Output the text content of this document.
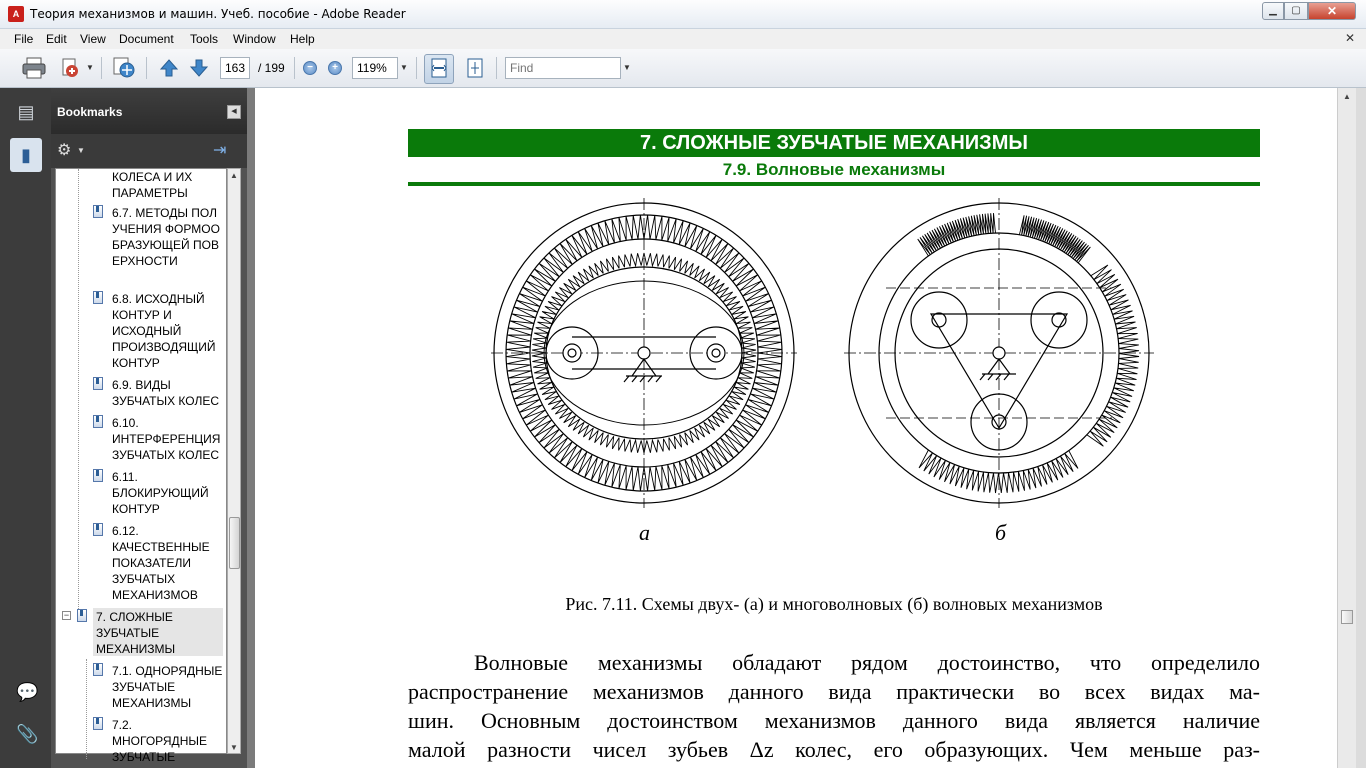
A Теория механизмов и машин. Учеб. пособие - Adobe Reader	▁	▢	✕
File Edit View Document Tools Window Help	✕
▼
163	/ 199	−	+
119%	▼
Find	▼
▤
▮
💬
📎
Bookmarks	◀
⚙ ▼	⇥
КОЛЕСА И ИХ ПАРАМЕТРЫ
6.7. МЕТОДЫ ПОЛУЧЕНИЯ ФОРМООБРАЗУЮЩЕЙ ПОВЕРХНОСТИ
6.8. ИСХОДНЫЙ КОНТУР И ИСХОДНЫЙ ПРОИЗВОДЯЩИЙ КОНТУР
6.9. ВИДЫ ЗУБЧАТЫХ КОЛЕС
6.10. ИНТЕРФЕРЕНЦИЯ ЗУБЧАТЫХ КОЛЕС
6.11. БЛОКИРУЮЩИЙ КОНТУР
6.12. КАЧЕСТВЕННЫЕ ПОКАЗАТЕЛИ ЗУБЧАТЫХ МЕХАНИЗМОВ
− 7. СЛОЖНЫЕ ЗУБЧАТЫЕ МЕХАНИЗМЫ
7.1. ОДНОРЯДНЫЕ ЗУБЧАТЫЕ МЕХАНИЗМЫ
7.2. МНОГОРЯДНЫЕ ЗУБЧАТЫЕ
▲
▼
7. СЛОЖНЫЕ ЗУБЧАТЫЕ МЕХАНИЗМЫ
7.9. Волновые механизмы
а	б
Рис. 7.11. Схемы двух- (а) и многоволновых (б) волновых механизмов
Волновые механизмы обладают рядом достоинство, что определило
распространение механизмов данного вида практически во всех видах ма-
шин. Основным достоинством механизмов данного вида является наличие
малой разности чисел зубьев Δz колес, его образующих. Чем меньше раз-
▲
